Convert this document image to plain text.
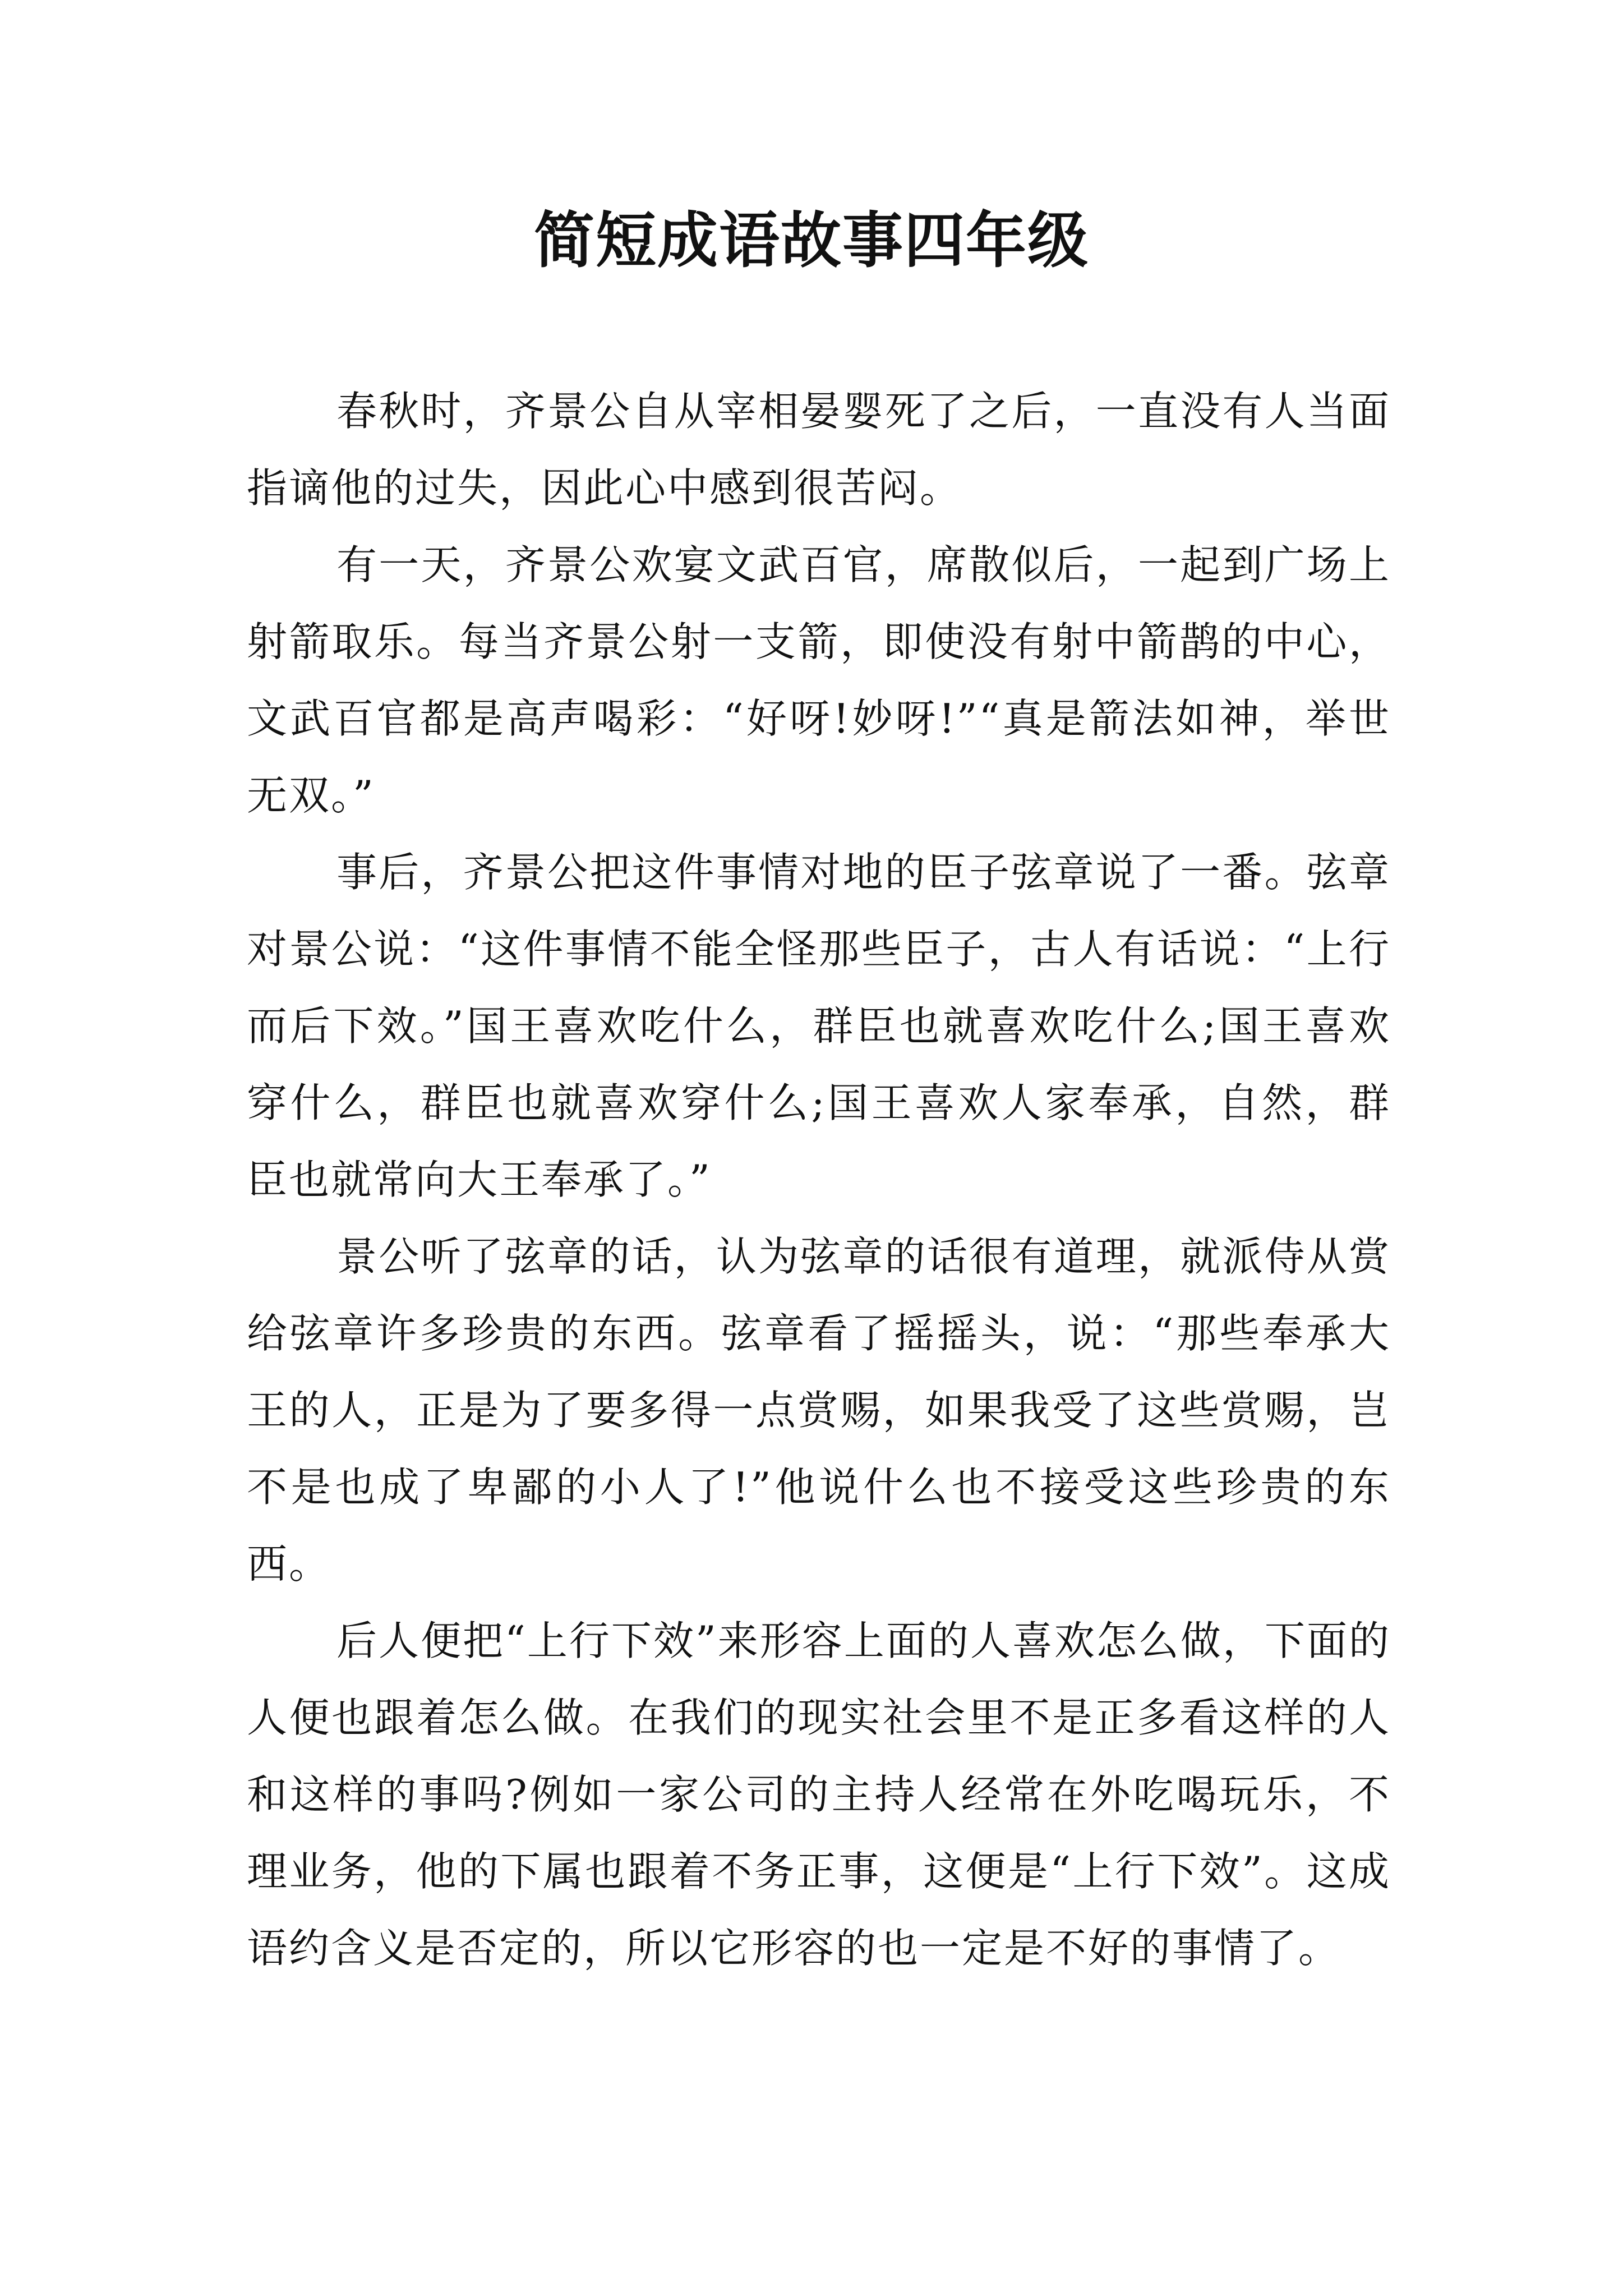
简短成语故事四年级

春秋时，齐景公自从宰相晏婴死了之后，一直没有人当面指谪他的过失，因此心中感到很苦闷。

有一天，齐景公欢宴文武百官，席散似后，一起到广场上射箭取乐。每当齐景公射一支箭，即使没有射中箭鹊的中心，文武百官都是高声喝彩：“好呀!妙呀!”“真是箭法如神，举世无双。”

事后，齐景公把这件事情对地的臣子弦章说了一番。弦章对景公说：“这件事情不能全怪那些臣子，古人有话说：“上行而后下效。”国王喜欢吃什么，群臣也就喜欢吃什么;国王喜欢穿什么，群臣也就喜欢穿什么;国王喜欢人家奉承，自然，群臣也就常向大王奉承了。”

景公听了弦章的话，认为弦章的话很有道理，就派侍从赏给弦章许多珍贵的东西。弦章看了摇摇头，说：“那些奉承大王的人，正是为了要多得一点赏赐，如果我受了这些赏赐，岂不是也成了卑鄙的小人了!”他说什么也不接受这些珍贵的东西。

后人便把“上行下效”来形容上面的人喜欢怎么做，下面的人便也跟着怎么做。在我们的现实社会里不是正多看这样的人和这样的事吗?例如一家公司的主持人经常在外吃喝玩乐，不理业务，他的下属也跟着不务正事，这便是“上行下效”。这成语约含义是否定的，所以它形容的也一定是不好的事情了。
